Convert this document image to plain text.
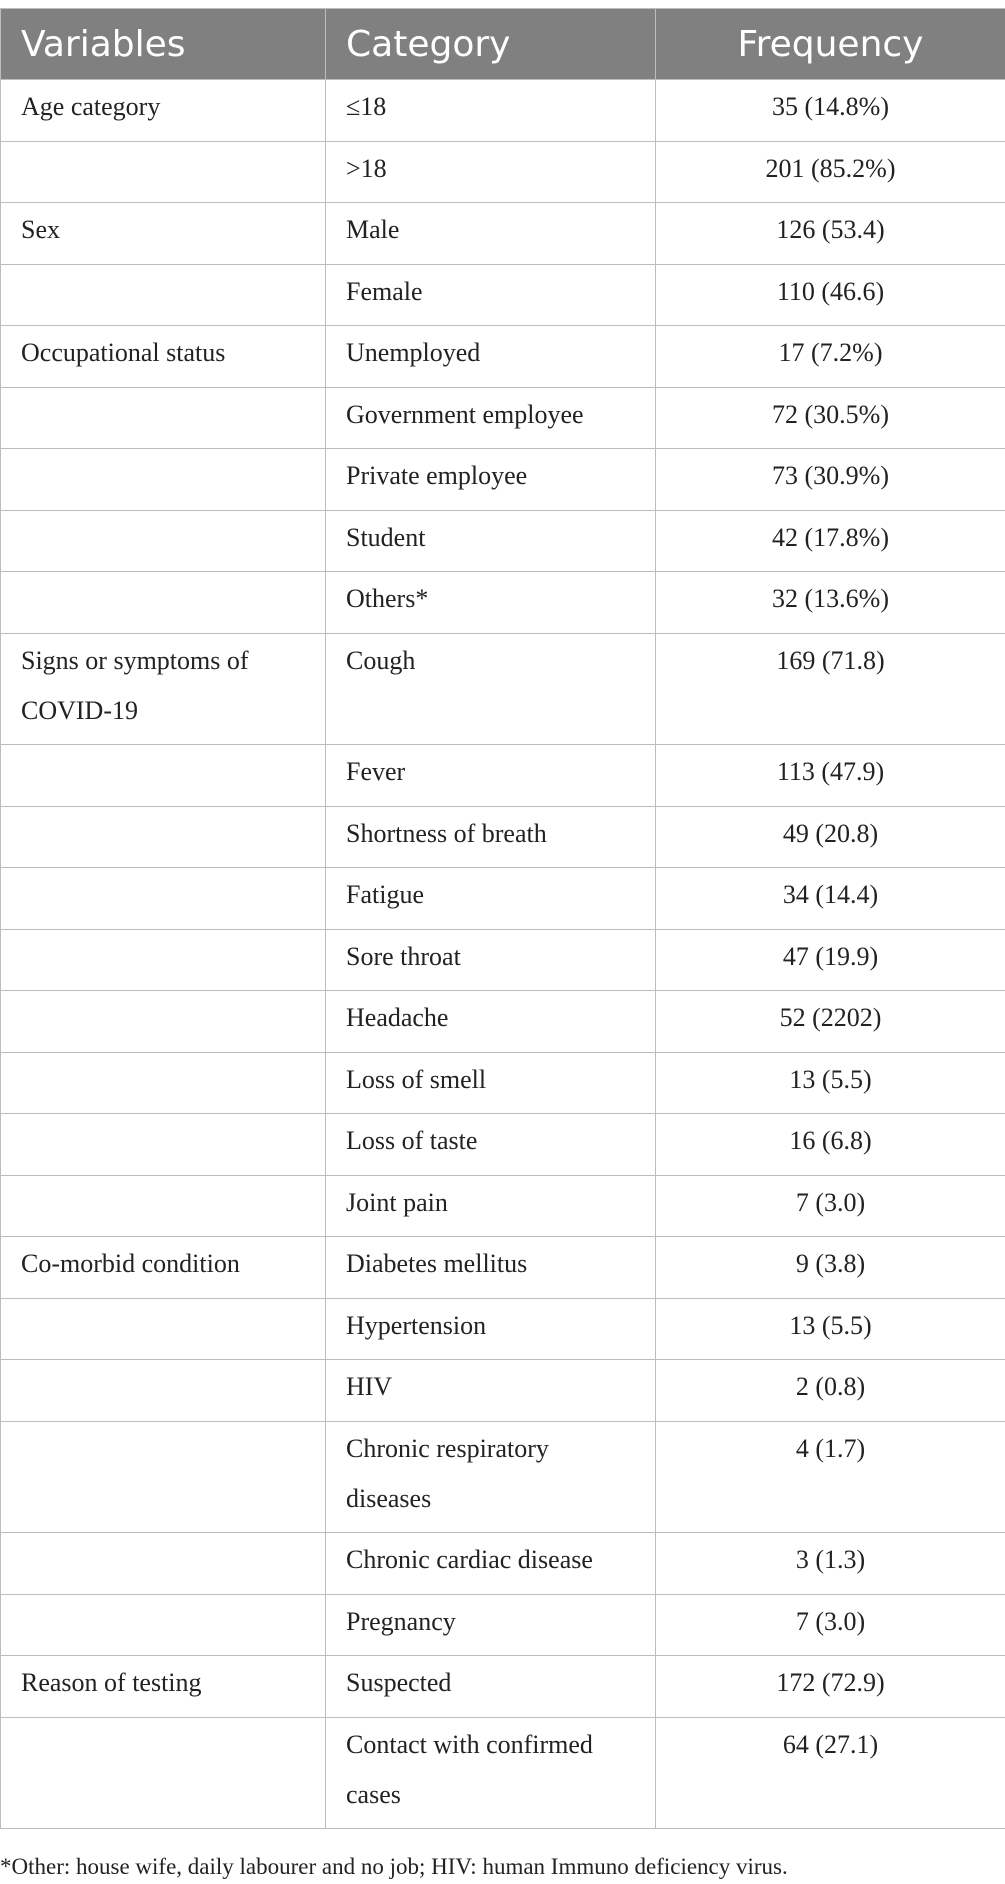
Variables	Category	Frequency
Age category	≤18	35 (14.8%)
	>18	201 (85.2%)
Sex	Male	126 (53.4)
	Female	110 (46.6)
Occupational status	Unemployed	17 (7.2%)
	Government employee	72 (30.5%)
	Private employee	73 (30.9%)
	Student	42 (17.8%)
	Others*	32 (13.6%)
Signs or symptoms of COVID-19	Cough	169 (71.8)
	Fever	113 (47.9)
	Shortness of breath	49 (20.8)
	Fatigue	34 (14.4)
	Sore throat	47 (19.9)
	Headache	52 (2202)
	Loss of smell	13 (5.5)
	Loss of taste	16 (6.8)
	Joint pain	7 (3.0)
Co-morbid condition	Diabetes mellitus	9 (3.8)
	Hypertension	13 (5.5)
	HIV	2 (0.8)
	Chronic respiratory diseases	4 (1.7)
	Chronic cardiac disease	3 (1.3)
	Pregnancy	7 (3.0)
Reason of testing	Suspected	172 (72.9)
	Contact with confirmed cases	64 (27.1)
*Other: house wife, daily labourer and no job; HIV: human Immuno deficiency virus.
